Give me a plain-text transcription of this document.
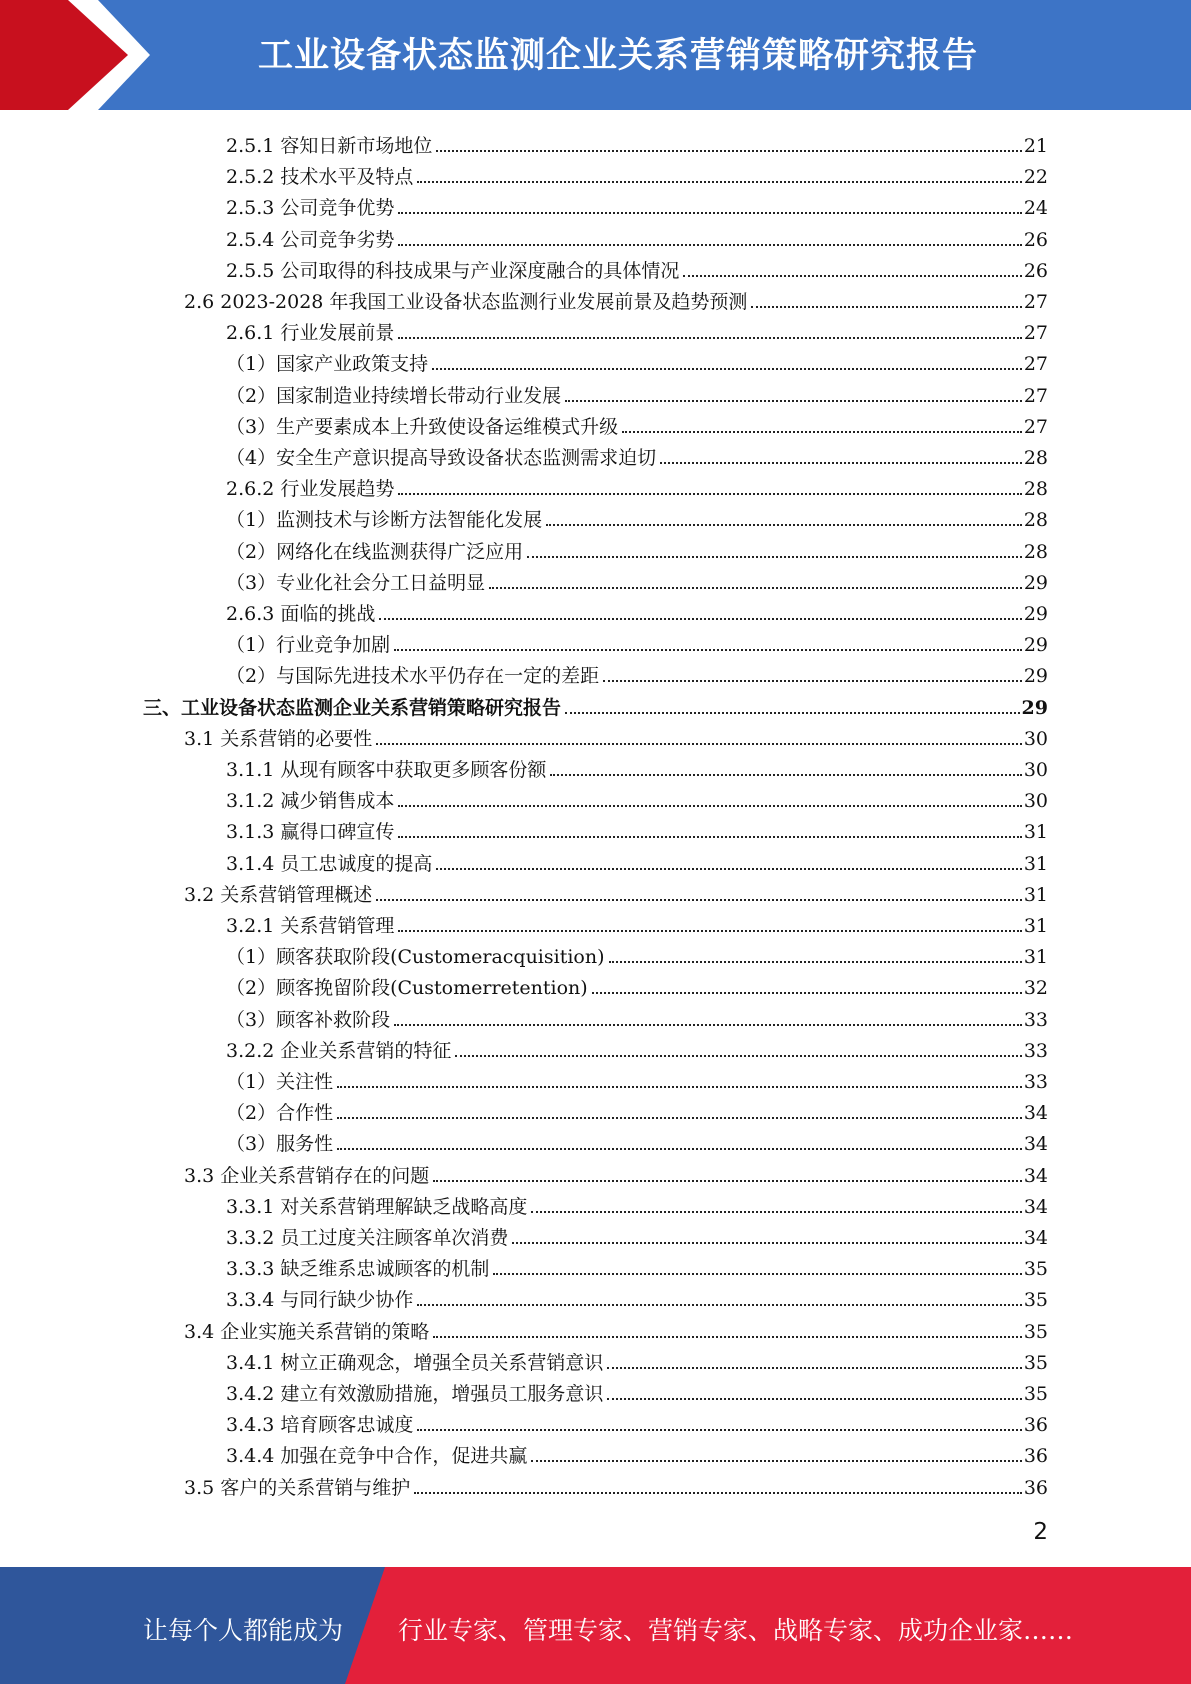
工业设备状态监测企业关系营销策略研究报告
2.5.1 容知日新市场地位	21
2.5.2 技术水平及特点	22
2.5.3 公司竞争优势	24
2.5.4 公司竞争劣势	26
2.5.5 公司取得的科技成果与产业深度融合的具体情况	26
2.6 2023-2028 年我国工业设备状态监测行业发展前景及趋势预测	27
2.6.1 行业发展前景	27
（1）国家产业政策支持	27
（2）国家制造业持续增长带动行业发展	27
（3）生产要素成本上升致使设备运维模式升级	27
（4）安全生产意识提高导致设备状态监测需求迫切	28
2.6.2 行业发展趋势	28
（1）监测技术与诊断方法智能化发展	28
（2）网络化在线监测获得广泛应用	28
（3）专业化社会分工日益明显	29
2.6.3 面临的挑战	29
（1）行业竞争加剧	29
（2）与国际先进技术水平仍存在一定的差距	29
三、工业设备状态监测企业关系营销策略研究报告	29
3.1 关系营销的必要性	30
3.1.1 从现有顾客中获取更多顾客份额	30
3.1.2 减少销售成本	30
3.1.3 赢得口碑宣传	31
3.1.4 员工忠诚度的提高	31
3.2 关系营销管理概述	31
3.2.1 关系营销管理	31
（1）顾客获取阶段(Customeracquisition)	31
（2）顾客挽留阶段(Customerretention)	32
（3）顾客补救阶段	33
3.2.2 企业关系营销的特征	33
（1）关注性	33
（2）合作性	34
（3）服务性	34
3.3 企业关系营销存在的问题	34
3.3.1 对关系营销理解缺乏战略高度	34
3.3.2 员工过度关注顾客单次消费	34
3.3.3 缺乏维系忠诚顾客的机制	35
3.3.4 与同行缺少协作	35
3.4 企业实施关系营销的策略	35
3.4.1 树立正确观念，增强全员关系营销意识	35
3.4.2 建立有效激励措施，增强员工服务意识	35
3.4.3 培育顾客忠诚度	36
3.4.4 加强在竞争中合作，促进共赢	36
3.5 客户的关系营销与维护	36
2
让每个人都能成为 行业专家、管理专家、营销专家、战略专家、成功企业家……
